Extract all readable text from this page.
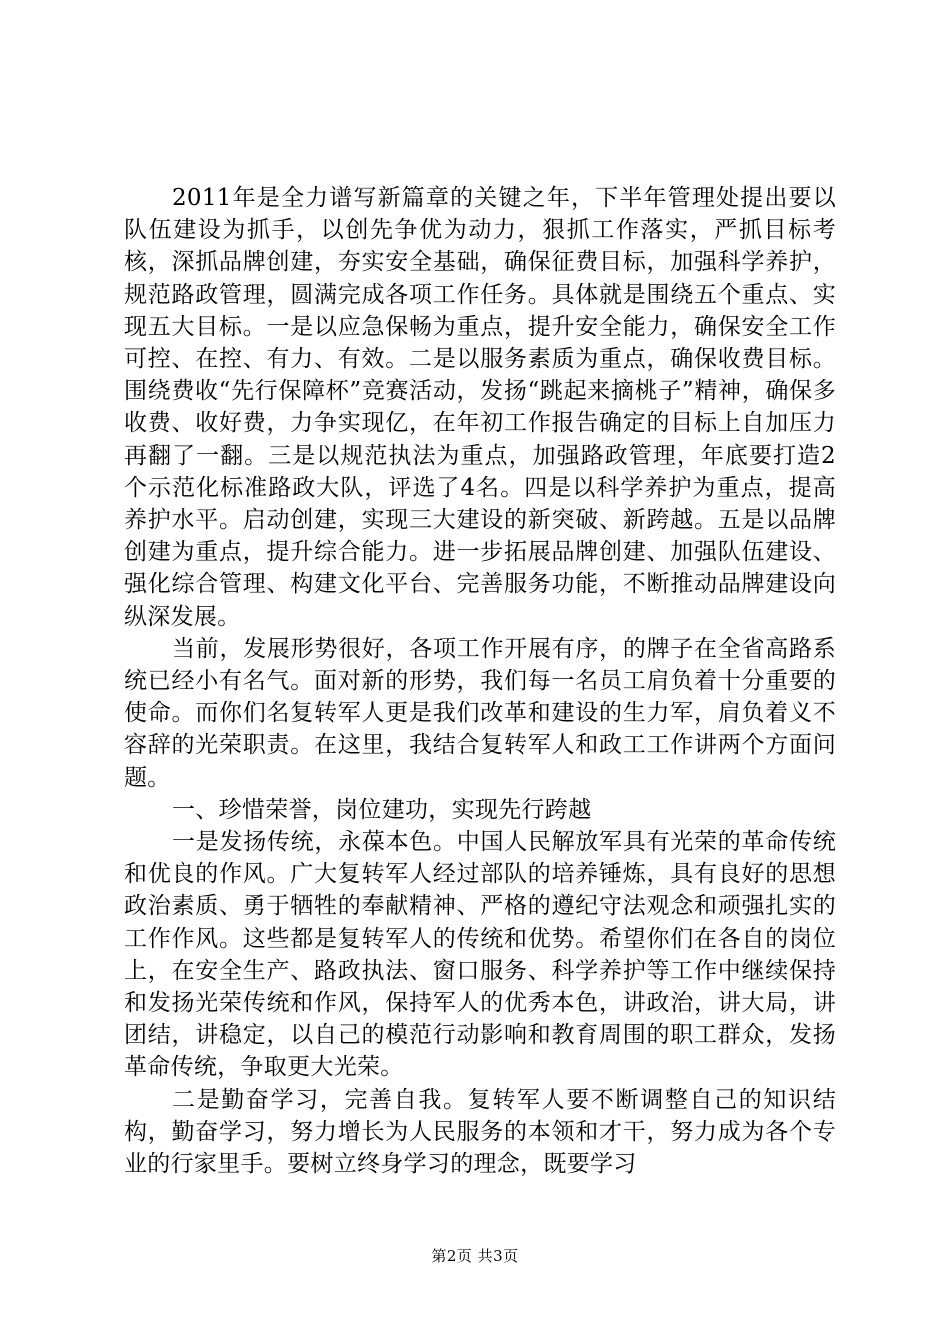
2011年是全力谱写新篇章的关键之年，下半年管理处提出要以队伍建设为抓手，以创先争优为动力，狠抓工作落实，严抓目标考核，深抓品牌创建，夯实安全基础，确保征费目标，加强科学养护，规范路政管理，圆满完成各项工作任务。具体就是围绕五个重点、实现五大目标。一是以应急保畅为重点，提升安全能力，确保安全工作可控、在控、有力、有效。二是以服务素质为重点，确保收费目标。围绕费收“先行保障杯”竞赛活动，发扬“跳起来摘桃子”精神，确保多收费、收好费，力争实现亿，在年初工作报告确定的目标上自加压力再翻了一翻。三是以规范执法为重点，加强路政管理，年底要打造2个示范化标准路政大队，评选了4名。四是以科学养护为重点，提高养护水平。启动创建，实现三大建设的新突破、新跨越。五是以品牌创建为重点，提升综合能力。进一步拓展品牌创建、加强队伍建设、强化综合管理、构建文化平台、完善服务功能，不断推动品牌建设向纵深发展。

当前，发展形势很好，各项工作开展有序，的牌子在全省高路系统已经小有名气。面对新的形势，我们每一名员工肩负着十分重要的使命。而你们名复转军人更是我们改革和建设的生力军，肩负着义不容辞的光荣职责。在这里，我结合复转军人和政工工作讲两个方面问题。

一、珍惜荣誉，岗位建功，实现先行跨越

一是发扬传统，永葆本色。中国人民解放军具有光荣的革命传统和优良的作风。广大复转军人经过部队的培养锤炼，具有良好的思想政治素质、勇于牺牲的奉献精神、严格的遵纪守法观念和顽强扎实的工作作风。这些都是复转军人的传统和优势。希望你们在各自的岗位上，在安全生产、路政执法、窗口服务、科学养护等工作中继续保持和发扬光荣传统和作风，保持军人的优秀本色，讲政治，讲大局，讲团结，讲稳定，以自己的模范行动影响和教育周围的职工群众，发扬革命传统，争取更大光荣。

二是勤奋学习，完善自我。复转军人要不断调整自己的知识结构，勤奋学习，努力增长为人民服务的本领和才干，努力成为各个专业的行家里手。要树立终身学习的理念，既要学习

第2页 共3页
